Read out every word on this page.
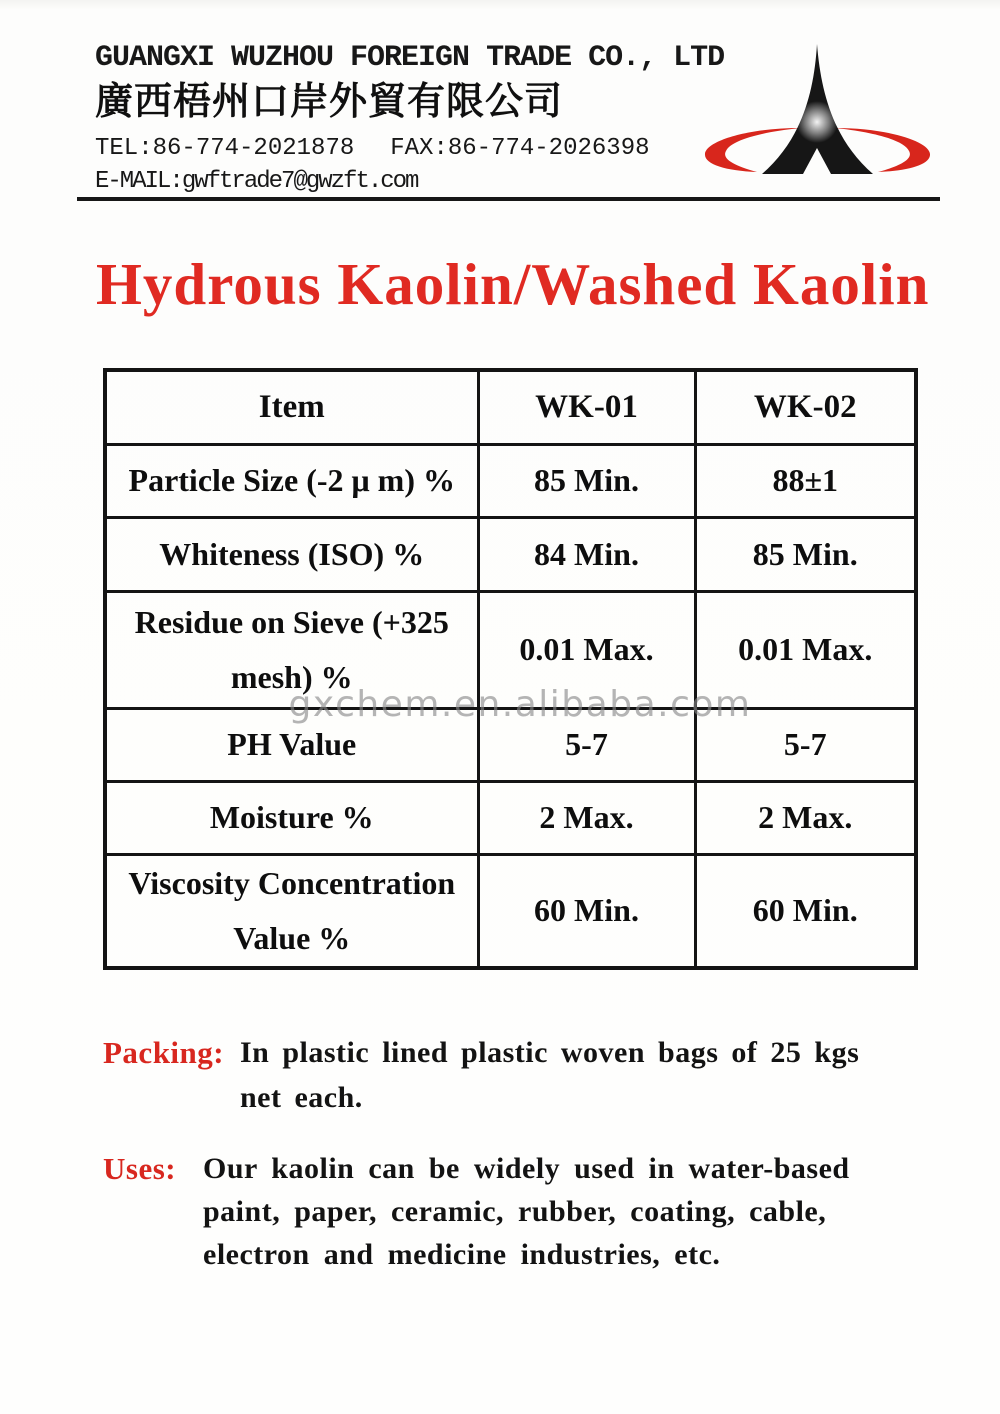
GUANGXI WUZHOU FOREIGN TRADE CO., LTD
廣西梧州口岸外貿有限公司
TEL:86-774-2021878 FAX:86-774-2026398
E-MAIL:gwftrade7@gwzft.com
Hydrous Kaolin/Washed Kaolin
Item	WK-01	WK-02
Particle Size (-2 μ m) %	85 Min.	88±1
Whiteness (ISO) %	84 Min.	85 Min.
Residue on Sieve (+325 mesh) %	0.01 Max.	0.01 Max.
PH Value	5-7	5-7
Moisture %	2 Max.	2 Max.
Viscosity Concentration Value %	60 Min.	60 Min.
gxchem.en.alibaba.com
Packing: In plastic lined plastic woven bags of 25 kgs
net each.
Uses: Our kaolin can be widely used in water-based
paint, paper, ceramic, rubber, coating, cable,
electron and medicine industries, etc.
